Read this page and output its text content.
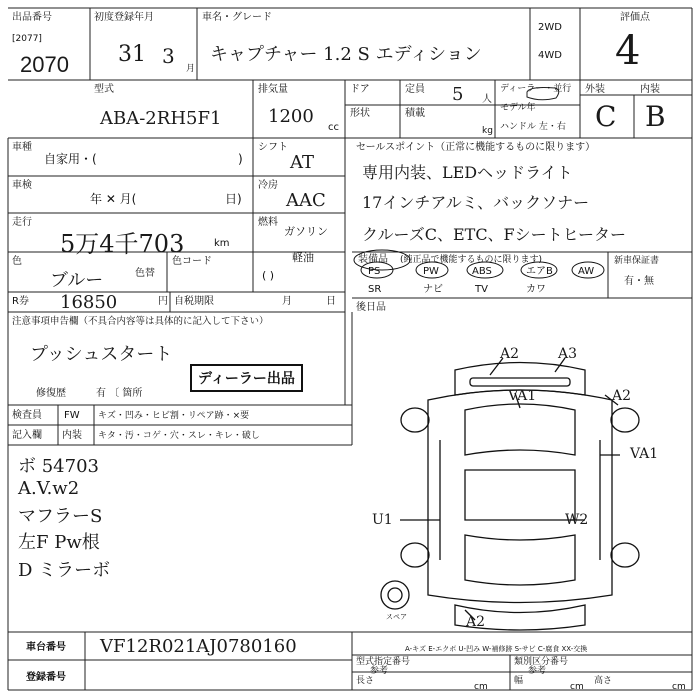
出品番号
[2077]
2070
初度登録年月
31 3
月
車名・グレード
キャプチャー 1.2 S エディション
2WD
4WD
評価点
4
型式
ABA-2RH5F1
排気量
1200
cc
ドア	定員 5 人
ディーラー・並行
モデル年
ハンドル 左・右
形状	積載
kg
外装	内装
C B
車種
自家用・(	)
車検
年 ✕ 月(	日)
走行
5万4千703	km
色
ブルー	色替
色コード
R券 16850	円 自税期限	月	日
シフト
AT
冷房
AAC
燃料
ガソリン
軽油
( )
注意事項申告欄（不具合内容等は具体的に記入して下さい）
プッシュスタート
修復歴	有 〔 箇所
ディーラー出品
検査員
記入欄
FW キズ・凹み・ヒビ割・リペア跡・×要
内装 キタ・汚・コゲ・穴・スレ・キレ・破し
ボ 54703
A.V.w2
マフラーS
左F Pw根
D ミラーボ
セールスポイント（正常に機能するものに限ります）
専用内装、LEDヘッドライト
17インチアルミ、バックソナー
クルーズC、ETC、Fシートヒーター
装備品 (純正品で機能するものに限ります)
PS	PW	ABS	エアB	AW
SR	ナビ	TV	カワ
新車保証書
有・無
後日品
A2	A3
VA1	A2
VA1
U1	W2
A2
スペア
車台番号 VF12R021AJ0780160
登録番号
A-キズ E-エクボ U-凹み W-補修跡 S-サビ C-腐食 XX-交換
型式指定番号	類別区分番号
参考	参考
長さ
cm
幅
cm
高さ
cm
